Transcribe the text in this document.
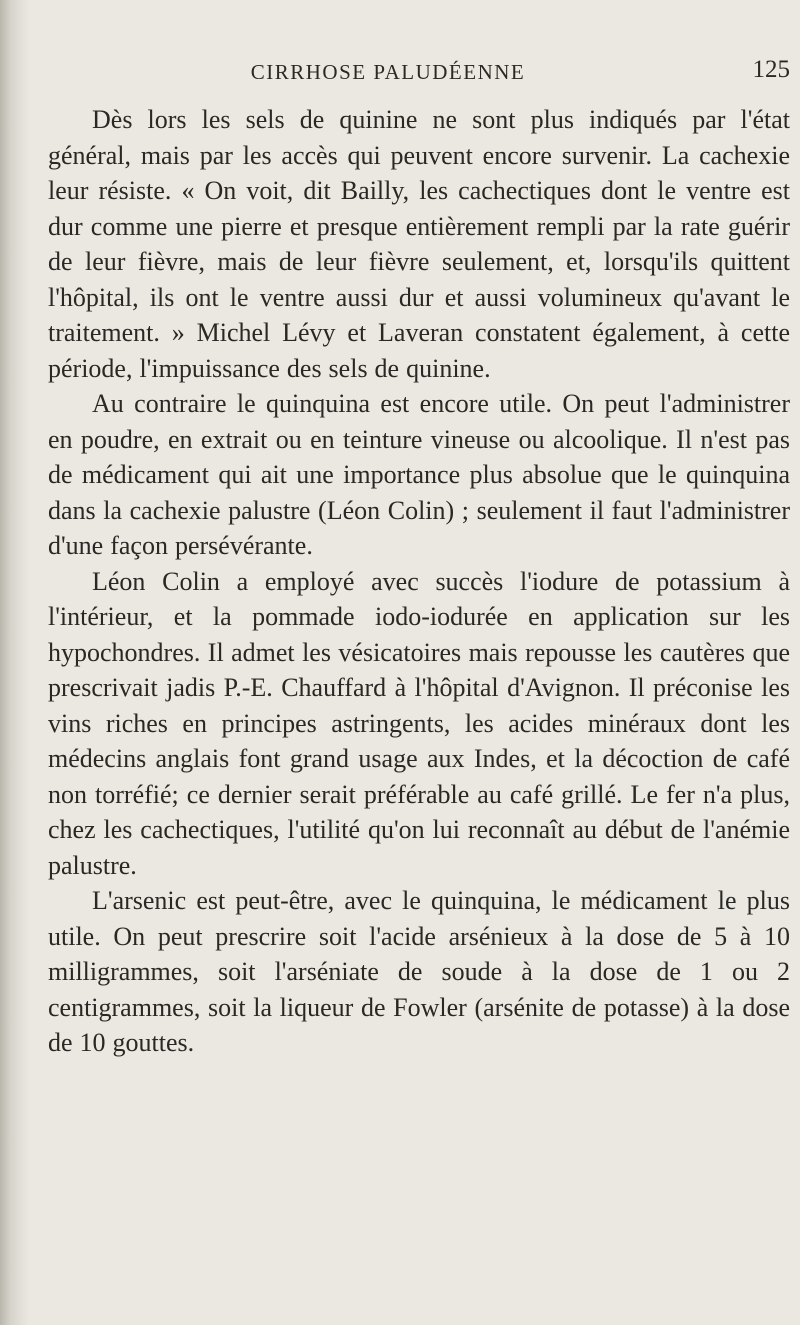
CIRRHOSE PALUDÉENNE	125

Dès lors les sels de quinine ne sont plus indiqués par l'état général, mais par les accès qui peuvent encore survenir. La cachexie leur résiste. « On voit, dit Bailly, les cachectiques dont le ventre est dur comme une pierre et presque entièrement rempli par la rate guérir de leur fièvre, mais de leur fièvre seulement, et, lorsqu'ils quittent l'hôpital, ils ont le ventre aussi dur et aussi volumineux qu'avant le traitement. » Michel Lévy et Laveran constatent également, à cette période, l'impuissance des sels de quinine.

Au contraire le quinquina est encore utile. On peut l'administrer en poudre, en extrait ou en teinture vineuse ou alcoolique. Il n'est pas de médicament qui ait une importance plus absolue que le quinquina dans la cachexie palustre (Léon Colin) ; seulement il faut l'administrer d'une façon persévérante.

Léon Colin a employé avec succès l'iodure de potassium à l'intérieur, et la pommade iodo-iodurée en application sur les hypochondres. Il admet les vésicatoires mais repousse les cautères que prescrivait jadis P.-E. Chauffard à l'hôpital d'Avignon. Il préconise les vins riches en principes astringents, les acides minéraux dont les médecins anglais font grand usage aux Indes, et la décoction de café non torréfié; ce dernier serait préférable au café grillé. Le fer n'a plus, chez les cachectiques, l'utilité qu'on lui reconnaît au début de l'anémie palustre.

L'arsenic est peut-être, avec le quinquina, le médicament le plus utile. On peut prescrire soit l'acide arsénieux à la dose de 5 à 10 milligrammes, soit l'arséniate de soude à la dose de 1 ou 2 centigrammes, soit la liqueur de Fowler (arsénite de potasse) à la dose de 10 gouttes.
